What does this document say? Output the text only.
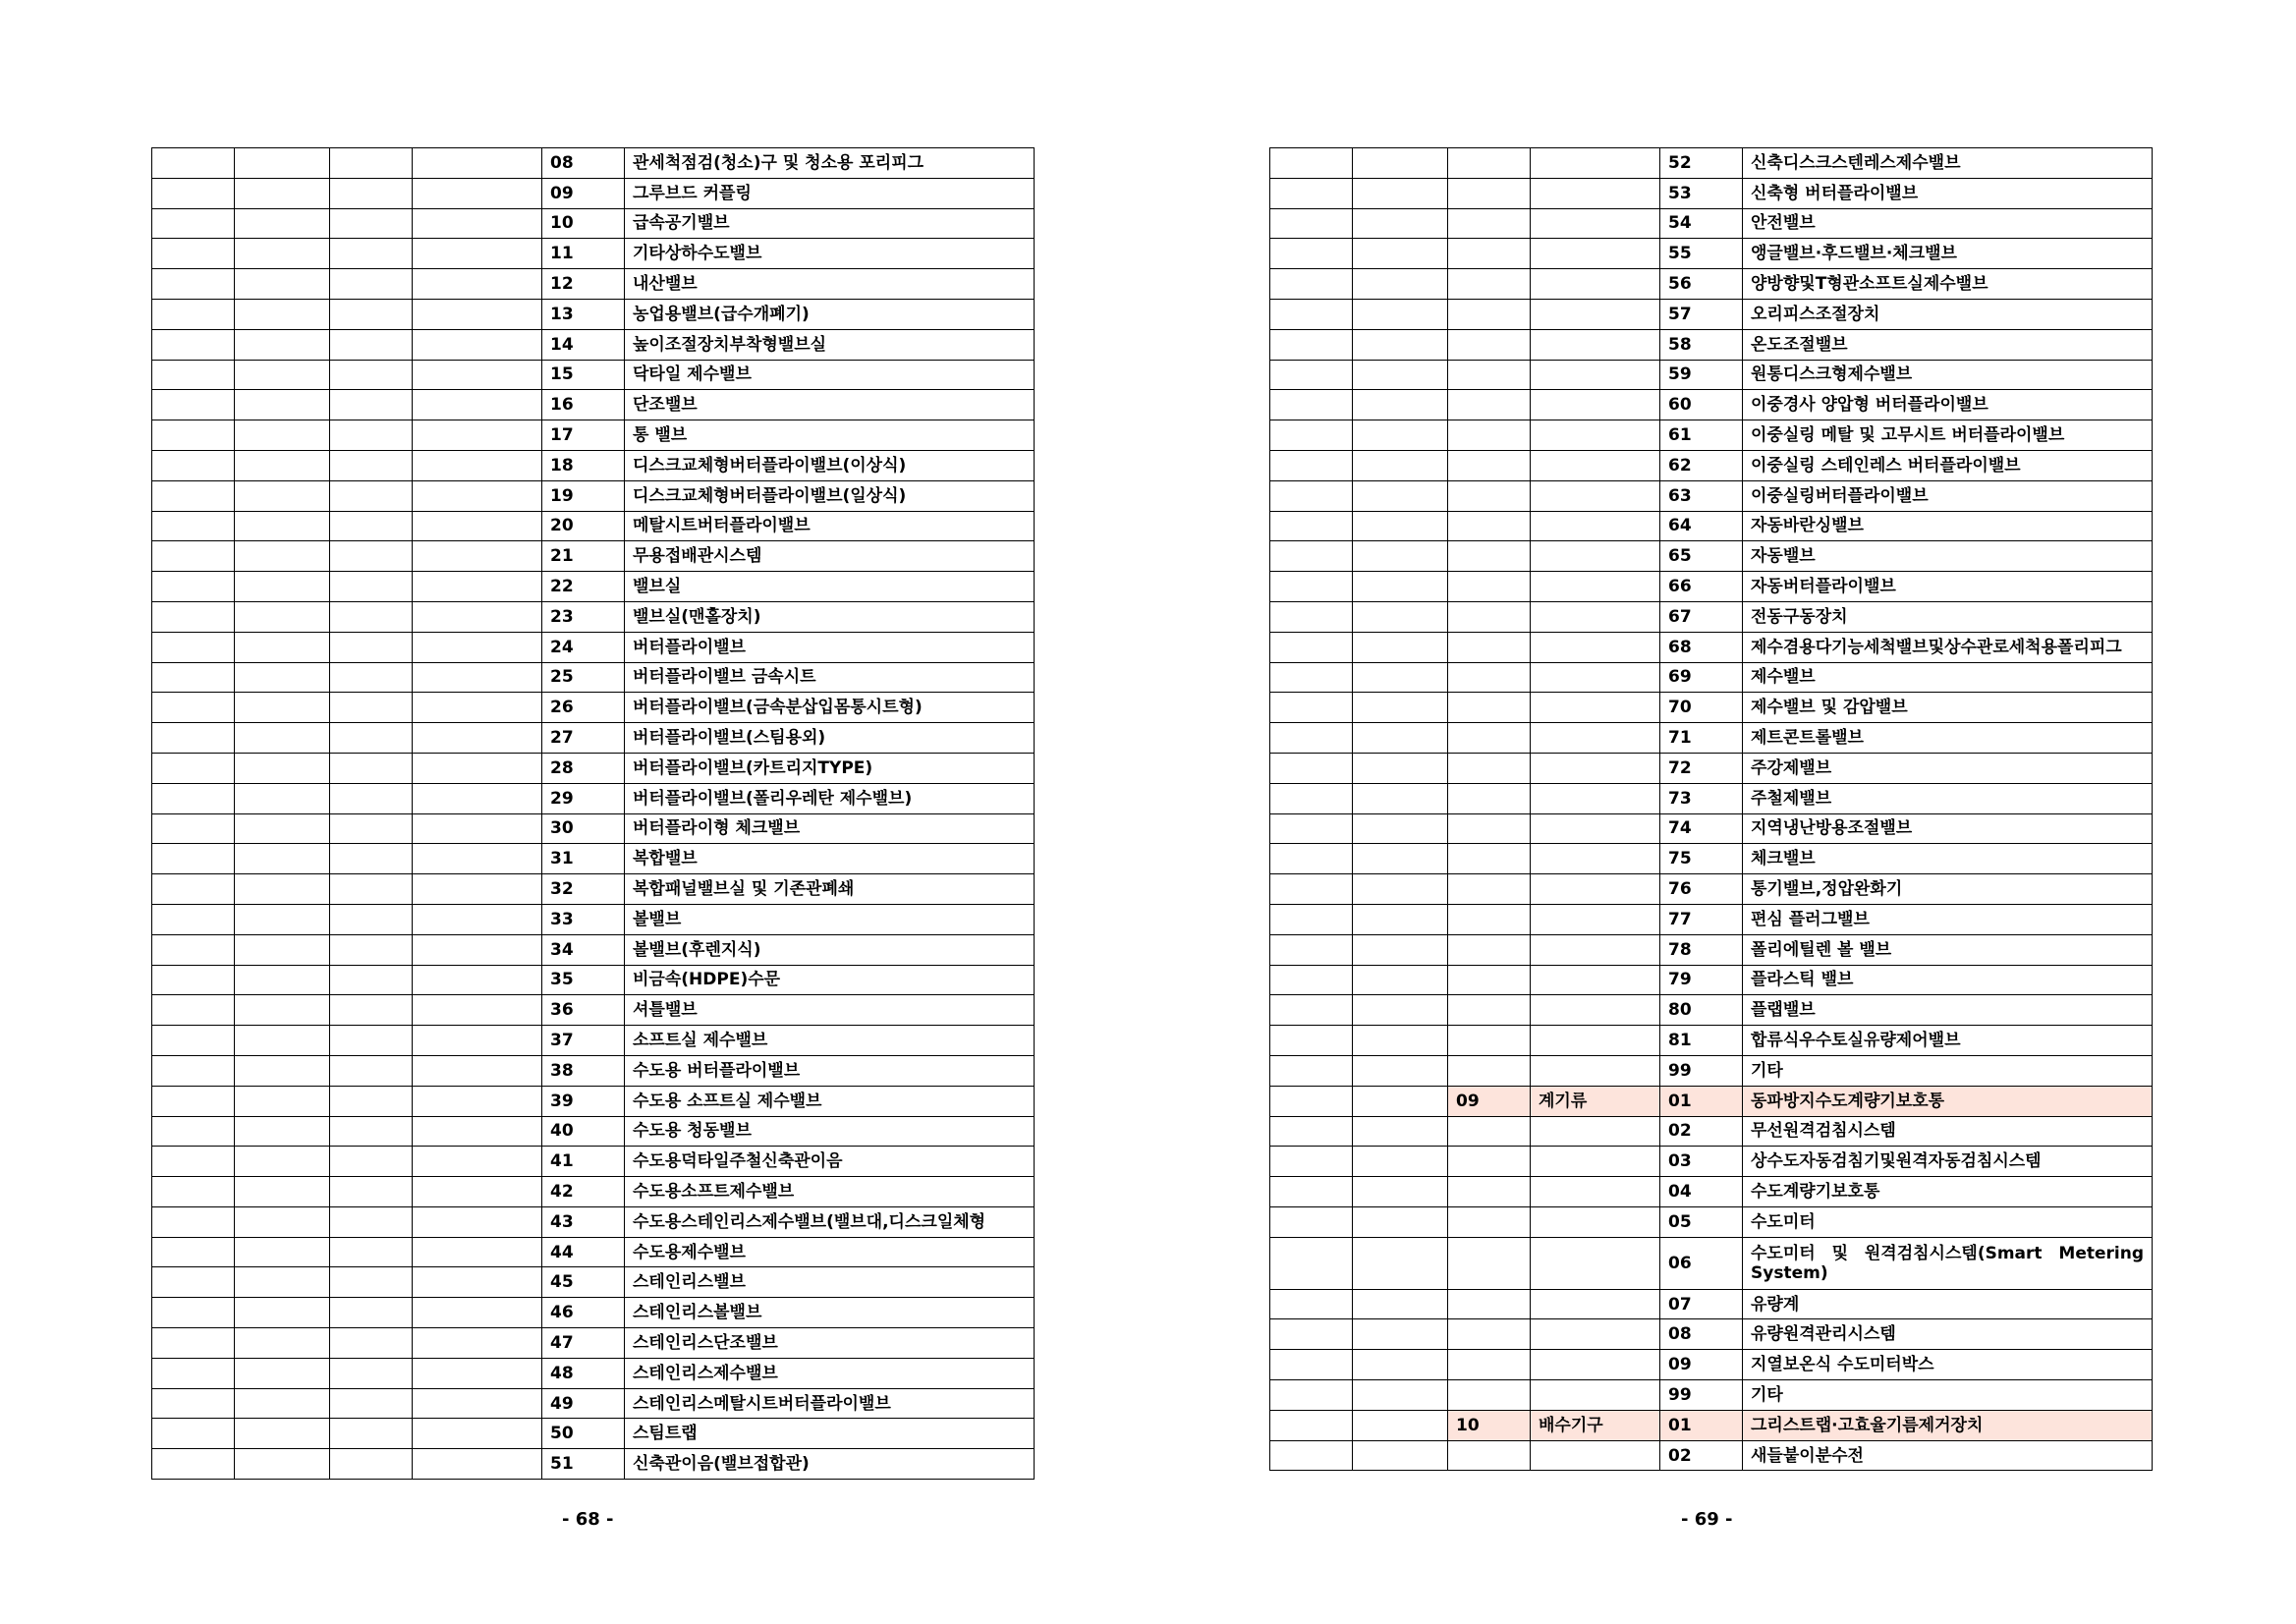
				08	관세척점검(청소)구 및 청소용 포리피그
				09	그루브드 커플링
				10	급속공기밸브
				11	기타상하수도밸브
				12	내산밸브
				13	농업용밸브(급수개폐기)
				14	높이조절장치부착형밸브실
				15	닥타일 제수밸브
				16	단조밸브
				17	통 밸브
				18	디스크교체형버터플라이밸브(이상식)
				19	디스크교체형버터플라이밸브(일상식)
				20	메탈시트버터플라이밸브
				21	무용접배관시스템
				22	밸브실
				23	밸브실(맨홀장치)
				24	버터플라이밸브
				25	버터플라이밸브 금속시트
				26	버터플라이밸브(금속분삽입몸통시트형)
				27	버터플라이밸브(스팀용외)
				28	버터플라이밸브(카트리지TYPE)
				29	버터플라이밸브(폴리우레탄 제수밸브)
				30	버터플라이형 체크밸브
				31	복합밸브
				32	복합패널밸브실 및 기존관폐쇄
				33	볼밸브
				34	볼밸브(후렌지식)
				35	비금속(HDPE)수문
				36	셔틀밸브
				37	소프트실 제수밸브
				38	수도용 버터플라이밸브
				39	수도용 소프트실 제수밸브
				40	수도용 청동밸브
				41	수도용덕타일주철신축관이음
				42	수도용소프트제수밸브
				43	수도용스테인리스제수밸브(밸브대,디스크일체형
				44	수도용제수밸브
				45	스테인리스밸브
				46	스테인리스볼밸브
				47	스테인리스단조밸브
				48	스테인리스제수밸브
				49	스테인리스메탈시트버터플라이밸브
				50	스팀트랩
				51	신축관이음(밸브접합관)
				52	신축디스크스텐레스제수밸브
				53	신축형 버터플라이밸브
				54	안전밸브
				55	앵글밸브·후드밸브·체크밸브
				56	양방향및T형관소프트실제수밸브
				57	오리피스조절장치
				58	온도조절밸브
				59	원통디스크형제수밸브
				60	이중경사 양압형 버터플라이밸브
				61	이중실링 메탈 및 고무시트 버터플라이밸브
				62	이중실링 스테인레스 버터플라이밸브
				63	이중실링버터플라이밸브
				64	자동바란싱밸브
				65	자동밸브
				66	자동버터플라이밸브
				67	전동구동장치
				68	제수겸용다기능세척밸브및상수관로세척용폴리피그
				69	제수밸브
				70	제수밸브 및 감압밸브
				71	제트콘트롤밸브
				72	주강제밸브
				73	주철제밸브
				74	지역냉난방용조절밸브
				75	체크밸브
				76	통기밸브,정압완화기
				77	편심 플러그밸브
				78	폴리에틸렌 볼 밸브
				79	플라스틱 밸브
				80	플랩밸브
				81	합류식우수토실유량제어밸브
				99	기타
		09	계기류	01	동파방지수도계량기보호통
				02	무선원격검침시스템
				03	상수도자동검침기및원격자동검침시스템
				04	수도계량기보호통
				05	수도미터
				06	수도미터 및 원격검침시스템(Smart Metering System)

				07	유량계
				08	유량원격관리시스템
				09	지열보온식 수도미터박스
				99	기타
		10	배수기구	01	그리스트랩·고효율기름제거장치
				02	새들붙이분수전
- 68 -	- 69 -
